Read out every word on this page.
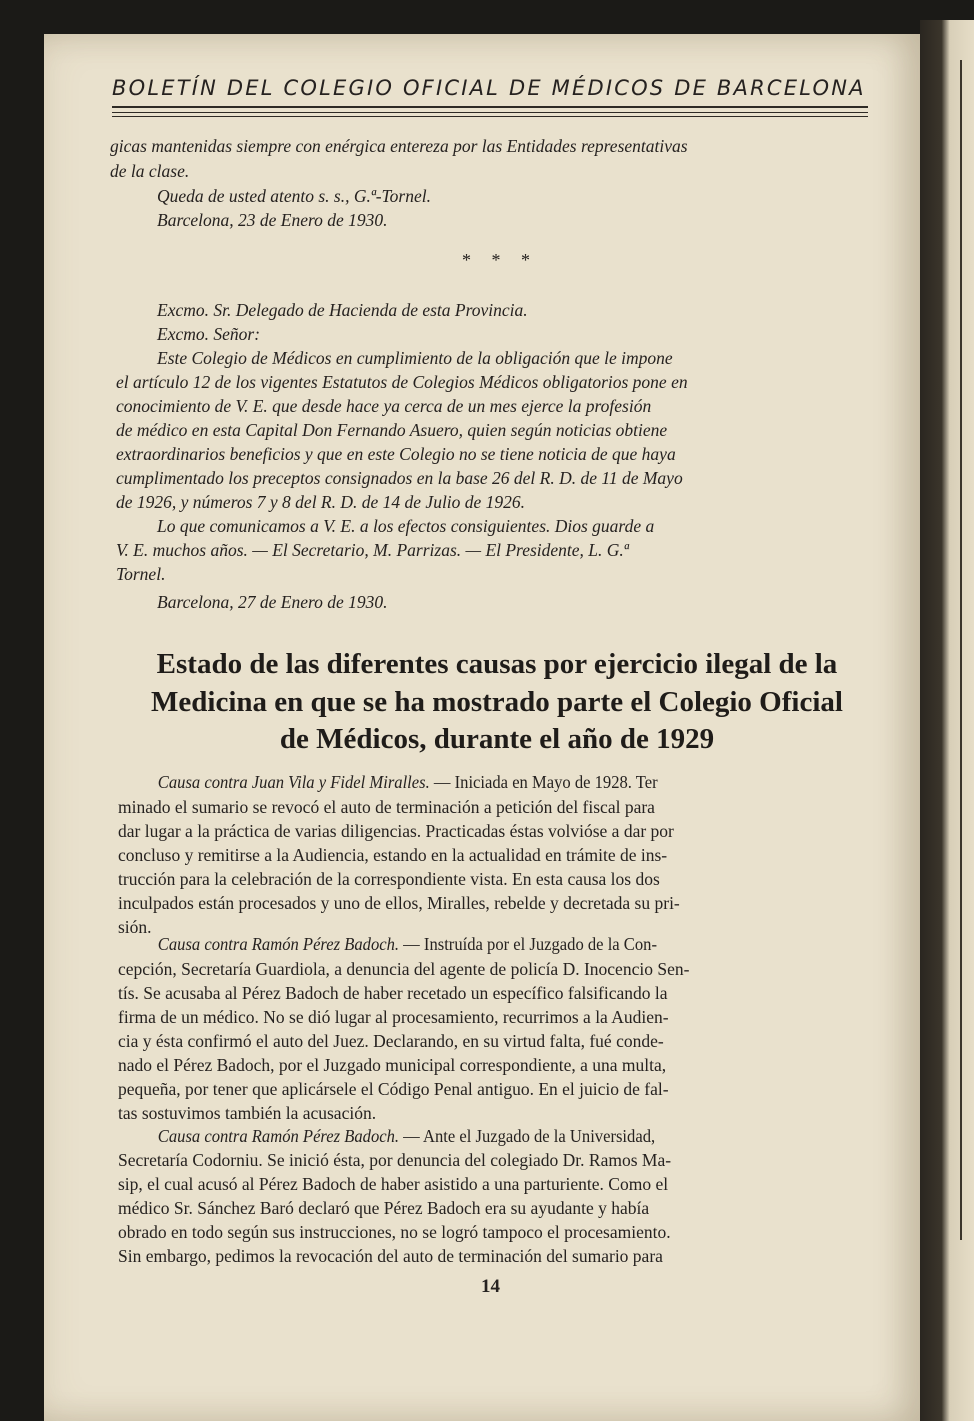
BOLETÍN DEL COLEGIO OFICIAL DE MÉDICOS DE BARCELONA
gicas mantenidas siempre con enérgica entereza por las Entidades representativas
de la clase.
Queda de usted atento s. s., G.ª-Tornel.
Barcelona, 23 de Enero de 1930.
* * *
Excmo. Sr. Delegado de Hacienda de esta Provincia.
Excmo. Señor:
Este Colegio de Médicos en cumplimiento de la obligación que le impone
el artículo 12 de los vigentes Estatutos de Colegios Médicos obligatorios pone en
conocimiento de V. E. que desde hace ya cerca de un mes ejerce la profesión
de médico en esta Capital Don Fernando Asuero, quien según noticias obtiene
extraordinarios beneficios y que en este Colegio no se tiene noticia de que haya
cumplimentado los preceptos consignados en la base 26 del R. D. de 11 de Mayo
de 1926, y números 7 y 8 del R. D. de 14 de Julio de 1926.
Lo que comunicamos a V. E. a los efectos consiguientes. Dios guarde a
V. E. muchos años. — El Secretario, M. Parrizas. — El Presidente, L. G.ª
Tornel.
Barcelona, 27 de Enero de 1930.
Estado de las diferentes causas por ejercicio ilegal de la
Medicina en que se ha mostrado parte el Colegio Oficial
de Médicos, durante el año de 1929
Causa contra Juan Vila y Fidel Miralles. — Iniciada en Mayo de 1928. Ter
minado el sumario se revocó el auto de terminación a petición del fiscal para
dar lugar a la práctica de varias diligencias. Practicadas éstas volvióse a dar por
concluso y remitirse a la Audiencia, estando en la actualidad en trámite de ins-
trucción para la celebración de la correspondiente vista. En esta causa los dos
inculpados están procesados y uno de ellos, Miralles, rebelde y decretada su pri-
sión.
Causa contra Ramón Pérez Badoch. — Instruída por el Juzgado de la Con-
cepción, Secretaría Guardiola, a denuncia del agente de policía D. Inocencio Sen-
tís. Se acusaba al Pérez Badoch de haber recetado un específico falsificando la
firma de un médico. No se dió lugar al procesamiento, recurrimos a la Audien-
cia y ésta confirmó el auto del Juez. Declarando, en su virtud falta, fué conde-
nado el Pérez Badoch, por el Juzgado municipal correspondiente, a una multa,
pequeña, por tener que aplicársele el Código Penal antiguo. En el juicio de fal-
tas sostuvimos también la acusación.
Causa contra Ramón Pérez Badoch. — Ante el Juzgado de la Universidad,
Secretaría Codorniu. Se inició ésta, por denuncia del colegiado Dr. Ramos Ma-
sip, el cual acusó al Pérez Badoch de haber asistido a una parturiente. Como el
médico Sr. Sánchez Baró declaró que Pérez Badoch era su ayudante y había
obrado en todo según sus instrucciones, no se logró tampoco el procesamiento.
Sin embargo, pedimos la revocación del auto de terminación del sumario para
14
